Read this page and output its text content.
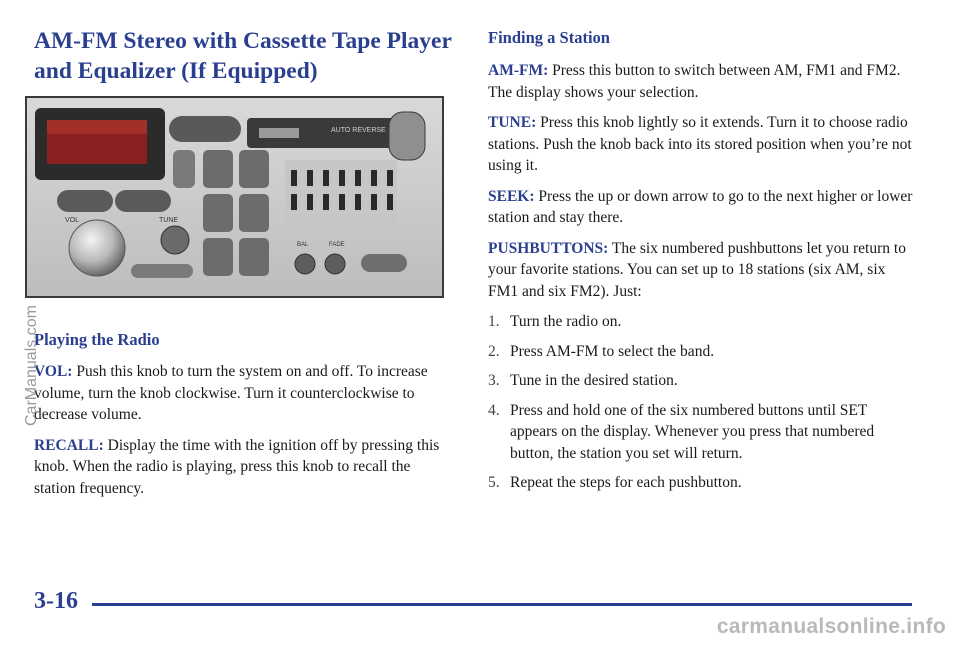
AM-FM Stereo with Cassette Tape Player
and Equalizer (If Equipped)
AUTO REVERSE
VOL	TUNE
BAL	FADE
Playing the Radio

VOL: Push this knob to turn the system on and off. To increase volume, turn the knob clockwise. Turn it counterclockwise to decrease volume.

RECALL: Display the time with the ignition off by pressing this knob. When the radio is playing, press this knob to recall the station frequency.

Finding a Station

AM-FM: Press this button to switch between AM, FM1 and FM2. The display shows your selection.

TUNE: Press this knob lightly so it extends. Turn it to choose radio stations. Push the knob back into its stored position when you’re not using it.

SEEK: Press the up or down arrow to go to the next higher or lower station and stay there.

PUSHBUTTONS: The six numbered pushbuttons let you return to your favorite stations. You can set up to 18 stations (six AM, six FM1 and six FM2). Just:

1. Turn the radio on.
2. Press AM-FM to select the band.
3. Tune in the desired station.
4. Press and hold one of the six numbered buttons until SET appears on the display. Whenever you press that numbered button, the station you set will return.
5. Repeat the steps for each pushbutton.
3-16
CarManuals.com
carmanualsonline.info
